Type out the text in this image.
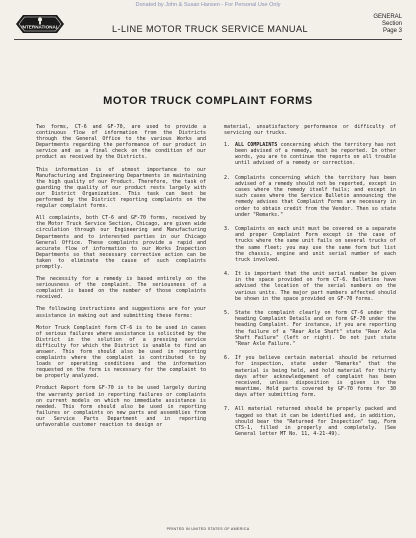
Donated by John & Susan Hansen - For Personal Use Only
INTERNATIONAL	L-LINE MOTOR TRUCK SERVICE MANUAL
GENERAL
Section
Page 3
MOTOR TRUCK COMPLAINT FORMS

Two forms, CT-6 and GF-70, are used to provide a continuous flow of information from the Districts through the General Office to the various Works and Departments regarding the performance of our product in service and as a final check on the condition of our product as received by the Districts.

This information is of utmost importance to our Manufacturing and Engineering Departments in maintaining the high quality of our Product. Therefore, the task of guarding the quality of our product rests largely with our District Organization. This task can best be performed by the District reporting complaints on the regular complaint forms.

All complaints, both CT-6 and GF-70 forms, received by the Motor Truck Service Section, Chicago, are given wide circulation through our Engineering and Manufacturing Departments and to interested parties in our Chicago General Office. These complaints provide a rapid and accurate flow of information to our Works Inspection Departments so that necessary corrective action can be taken to eliminate the cause of such complaints promptly.

The necessity for a remedy is based entirely on the seriousness of the complaint. The seriousness of a complaint is based on the number of those complaints received.

The following instructions and suggestions are for your assistance in making out and submitting these forms:

Motor Truck Complaint form CT-6 is to be used in cases of serious failures where assistance is solicited by the District in the solution of a pressing service difficulty for which the District is unable to find an answer. This form should also be used in reporting complaints where the complaint is contributed to by loads or operating conditions and the information requested on the form is necessary for the complaint to be properly analyzed.

Product Report form GF-70 is to be used largely during the warranty period in reporting failures or complaints on current models on which no immediate assistance is needed. This form should also be used in reporting failures or complaints on new parts and assemblies from our Service Parts Department and in reporting unfavorable customer reaction to design or

material, unsatisfactory performance or difficulty of servicing our trucks.

1. ALL COMPLAINTS concerning which the territory has not been advised of a remedy, must be reported. In other words, you are to continue the reports on all trouble until advised of a remedy or correction.
2. Complaints concerning which the territory has been advised of a remedy should not be reported, except in cases where the remedy itself fails; and except in such cases where the Service Bulletin announcing the remedy advises that Complaint Forms are necessary in order to obtain credit from the Vendor. Then so state under "Remarks."
3. Complaints on each unit must be covered on a separate and proper Complaint Form except in the case of trucks where the same unit fails on several trucks of the same fleet; you may use the same form but list the chassis, engine and unit serial number of each truck involved.
4. It is important that the unit serial number be given in the space provided on form CT-6. Bulletins have advised the location of the serial numbers on the various units. The major part numbers affected should be shown in the space provided on GF-70 forms.
5. State the complaint clearly on form CT-6 under the heading Complaint Details and on form GF-70 under the heading Complaint. For instance, if you are reporting the failure of a "Rear Axle Shaft" state "Rear Axle Shaft Failure" (left or right). Do not just state "Rear Axle Failure."
6. If you believe certain material should be returned for inspection, state under "Remarks" that the material is being held, and hold material for thirty days after acknowledgement of complaint has been received, unless disposition is given in the meantime. Hold parts covered by GF-70 forms for 30 days after submitting form.
7. All material returned should be properly packed and tagged so that it can be identified and, in addition, should bear the "Returned for Inspection" tag, Form CTS-1, filled in properly and completely. (See General letter MT No. 11, 4-21-49).
PRINTED IN UNITED STATES OF AMERICA
